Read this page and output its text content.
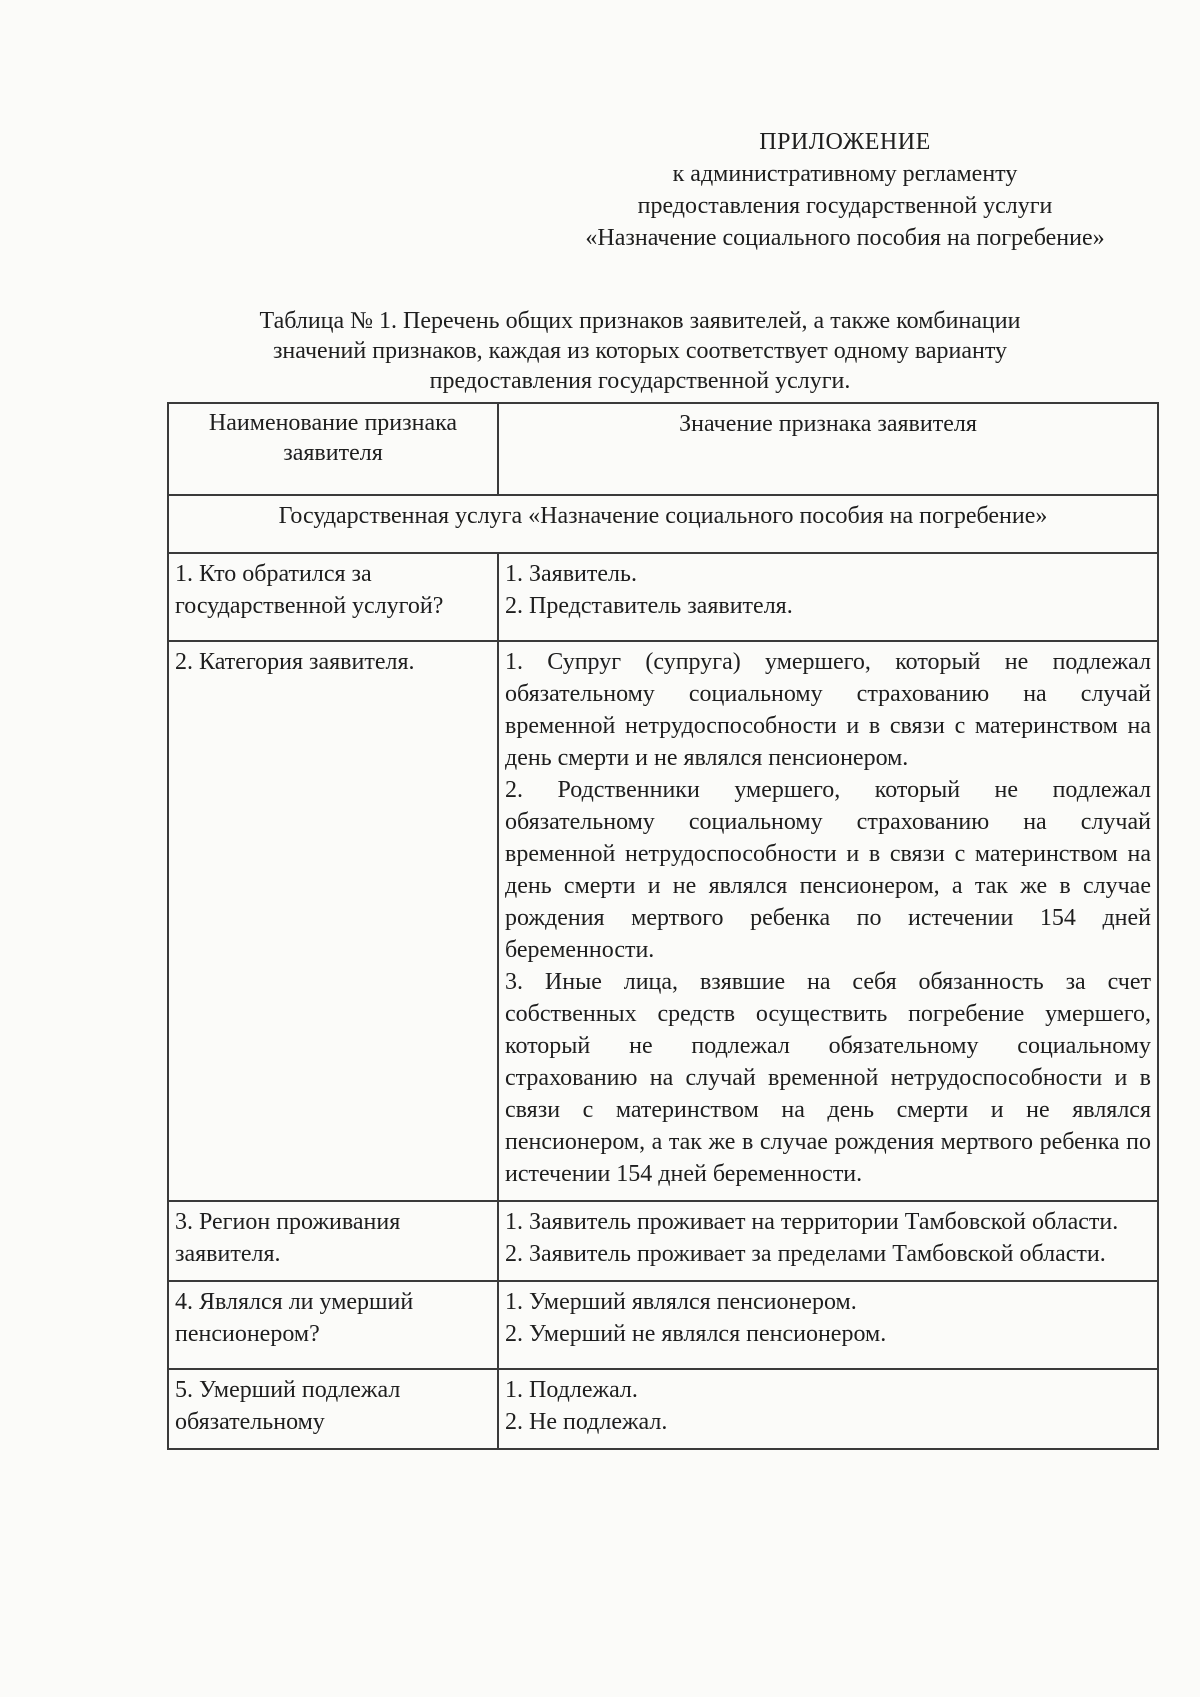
ПРИЛОЖЕНИЕ
к административному регламенту
предоставления государственной услуги
«Назначение социального пособия на погребение»
Таблица № 1. Перечень общих признаков заявителей, а также комбинации
значений признаков, каждая из которых соответствует одному варианту
предоставления государственной услуги.
Наименование признака заявителя	Значение признака заявителя
Государственная услуга «Назначение социального пособия на погребение»	
1. Кто обратился за государственной услугой?	1. Заявитель.
2. Представитель заявителя.

2. Категория заявителя.	1. Супруг (супруга) умершего, который не подлежал обязательному социальному страхованию на случай временной нетрудоспособности и в связи с материнством на день смерти и не являлся пенсионером.
2. Родственники умершего, который не подлежал обязательному социальному страхованию на случай временной нетрудоспособности и в связи с материнством на день смерти и не являлся пенсионером, а так же в случае рождения мертвого ребенка по истечении 154 дней беременности.
3. Иные лица, взявшие на себя обязанность за счет собственных средств осуществить погребение умершего, который не подлежал обязательному социальному страхованию на случай временной нетрудоспособности и в связи с материнством на день смерти и не являлся пенсионером, а так же в случае рождения мертвого ребенка по истечении 154 дней беременности.

3. Регион проживания заявителя.	1. Заявитель проживает на территории Тамбовской области.
2. Заявитель проживает за пределами Тамбовской области.

4. Являлся ли умерший пенсионером?	1. Умерший являлся пенсионером.
2. Умерший не являлся пенсионером.

5. Умерший подлежал обязательному	1. Подлежал.
2. Не подлежал.
